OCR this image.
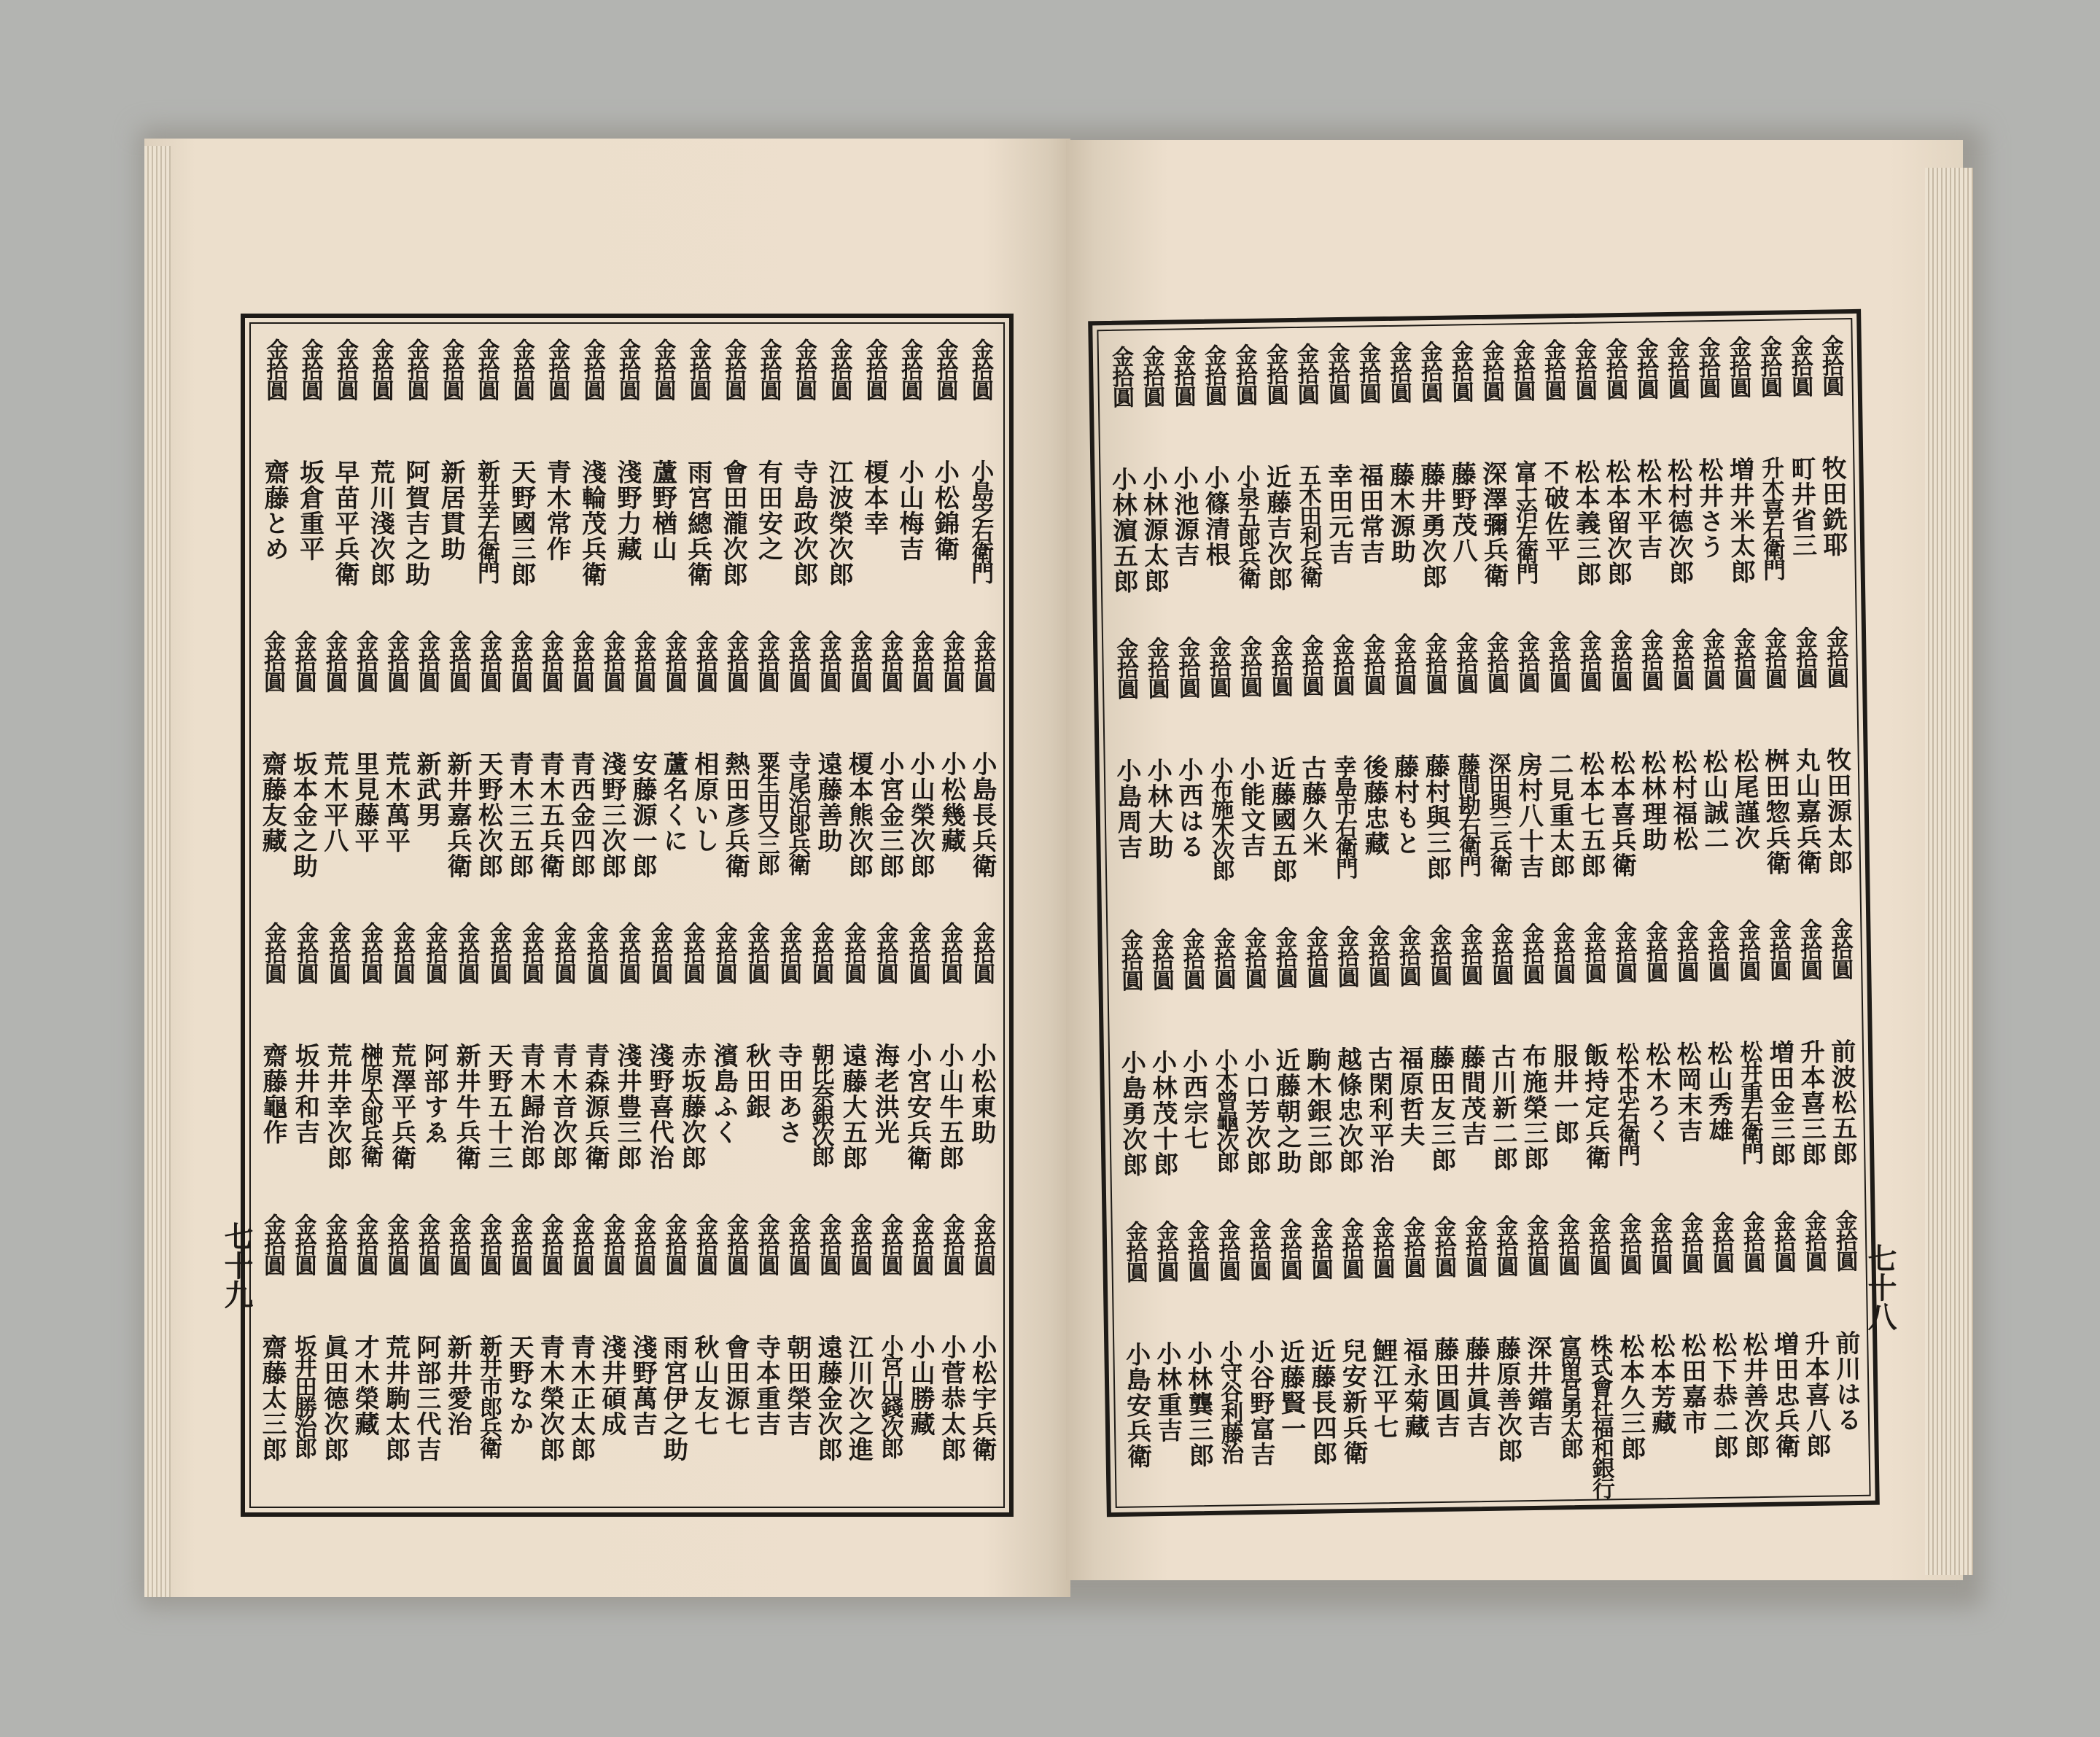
金拾圓
小島㝎右衛門
金拾圓
小松錦衛
金拾圓
小山梅吉
金拾圓
榎本幸
金拾圓
江波榮次郎
金拾圓
寺島政次郎
金拾圓
有田安之
金拾圓
會田瀧次郎
金拾圓
雨宮總兵衛
金拾圓
蘆野楢山
金拾圓
淺野力藏
金拾圓
淺輪茂兵衛
金拾圓
青木常作
金拾圓
天野國三郎
金拾圓
新井幸右衛門
金拾圓
新居貫助
金拾圓
阿賀吉之助
金拾圓
荒川淺次郎
金拾圓
早苗平兵衛
金拾圓
坂倉重平
金拾圓
齋藤とめ
金拾圓
小島長兵衛
金拾圓
小松幾藏
金拾圓
小山榮次郎
金拾圓
小宮金三郎
金拾圓
榎本熊次郎
金拾圓
遠藤善助
金拾圓
寺尾治郎兵衛
金拾圓
粟生田又三郎
金拾圓
熱田彥兵衛
金拾圓
相原いし
金拾圓
蘆名くに
金拾圓
安藤源一郎
金拾圓
淺野三次郎
金拾圓
青西金四郎
金拾圓
青木五兵衛
金拾圓
青木三五郎
金拾圓
天野松次郎
金拾圓
新井嘉兵衛
金拾圓
新武男
金拾圓
荒木萬平
金拾圓
里見藤平
金拾圓
荒木平八
金拾圓
坂本金之助
金拾圓
齋藤友藏
金拾圓
小松東助
金拾圓
小山牛五郎
金拾圓
小宮安兵衛
金拾圓
海老洪光
金拾圓
遠藤大五郎
金拾圓
朝比奈銀次郎
金拾圓
寺田あさ
金拾圓
秋田銀
金拾圓
濱島ふく
金拾圓
赤坂藤次郎
金拾圓
淺野喜代治
金拾圓
淺井豊三郎
金拾圓
青森源兵衛
金拾圓
青木音次郎
金拾圓
青木歸治郎
金拾圓
天野五十三
金拾圓
新井牛兵衛
金拾圓
阿部すゑ
金拾圓
荒澤平兵衛
金拾圓
榊原太郎兵衛
金拾圓
荒井幸次郎
金拾圓
坂井和吉
金拾圓
齋藤龜作
金拾圓
小松宇兵衛
金拾圓
小菅恭太郎
金拾圓
小山勝藏
金拾圓
小宮山錢次郎
金拾圓
江川次之進
金拾圓
遠藤金次郎
金拾圓
朝田榮吉
金拾圓
寺本重吉
金拾圓
會田源七
金拾圓
秋山友七
金拾圓
雨宮伊之助
金拾圓
淺野萬吉
金拾圓
淺井碩成
金拾圓
青木正太郎
金拾圓
青木榮次郎
金拾圓
天野なか
金拾圓
新井市郎兵衛
金拾圓
新井愛治
金拾圓
阿部三代吉
金拾圓
荒井駒太郎
金拾圓
才木榮藏
金拾圓
眞田德次郎
金拾圓
坂井田勝治郎
金拾圓
齋藤太三郎
金拾圓
牧田銑耶
金拾圓
町井省三
金拾圓
升木喜右衛門
金拾圓
増井米太郎
金拾圓
松井さう
金拾圓
松村德次郎
金拾圓
松木平吉
金拾圓
松本留次郎
金拾圓
松本義三郎
金拾圓
不破佐平
金拾圓
富士治左衛門
金拾圓
深澤彌兵衛
金拾圓
藤野茂八
金拾圓
藤井勇次郎
金拾圓
藤木源助
金拾圓
福田常吉
金拾圓
幸田元吉
金拾圓
五木田利兵衛
金拾圓
近藤吉次郎
金拾圓
小泉五郎兵衛
金拾圓
小篠清根
金拾圓
小池源吉
金拾圓
小林源太郎
金拾圓
小林濵五郎
金拾圓
牧田源太郎
金拾圓
丸山嘉兵衛
金拾圓
桝田惣兵衛
金拾圓
松尾謹次
金拾圓
松山誠二
金拾圓
松村福松
金拾圓
松林理助
金拾圓
松本喜兵衛
金拾圓
松本七五郎
金拾圓
二見重太郎
金拾圓
房村八十吉
金拾圓
深田與三兵衛
金拾圓
藤間勘右衛門
金拾圓
藤村與三郎
金拾圓
藤村もと
金拾圓
後藤忠藏
金拾圓
幸島市右衛門
金拾圓
古藤久米
金拾圓
近藤國五郎
金拾圓
小能文吉
金拾圓
小布施木次郎
金拾圓
小西はる
金拾圓
小林大助
金拾圓
小島周吉
金拾圓
前波松五郎
金拾圓
升本喜三郎
金拾圓
増田金三郎
金拾圓
松井重右衛門
金拾圓
松山秀雄
金拾圓
松岡末吉
金拾圓
松木ろく
金拾圓
松木忠右衛門
金拾圓
飯持定兵衛
金拾圓
服井一郎
金拾圓
布施榮三郎
金拾圓
古川新二郎
金拾圓
藤間茂吉
金拾圓
藤田友三郎
金拾圓
福原哲夫
金拾圓
古閑利平治
金拾圓
越條忠次郎
金拾圓
駒木銀三郎
金拾圓
近藤朝之助
金拾圓
小口芳次郎
金拾圓
小木曾龜次郎
金拾圓
小西宗七
金拾圓
小林茂十郎
金拾圓
小島勇次郎
金拾圓
前川はる
金拾圓
升本喜八郎
金拾圓
増田忠兵衛
金拾圓
松井善次郎
金拾圓
松下恭二郎
金拾圓
松田嘉市
金拾圓
松本芳藏
金拾圓
松本久三郎
金拾圓
株式會社福和銀行
金拾圓
富留宮勇太郎
金拾圓
深井鐺吉
金拾圓
藤原善次郎
金拾圓
藤井眞吉
金拾圓
藤田圓吉
金拾圓
福永菊藏
金拾圓
鯉江平七
金拾圓
兒安新兵衛
金拾圓
近藤長四郎
金拾圓
近藤賢一
金拾圓
小谷野富吉
金拾圓
小守谷利藤治
金拾圓
小林龔三郎
金拾圓
小林重吉
金拾圓
小島安兵衛
七十九	七十八
